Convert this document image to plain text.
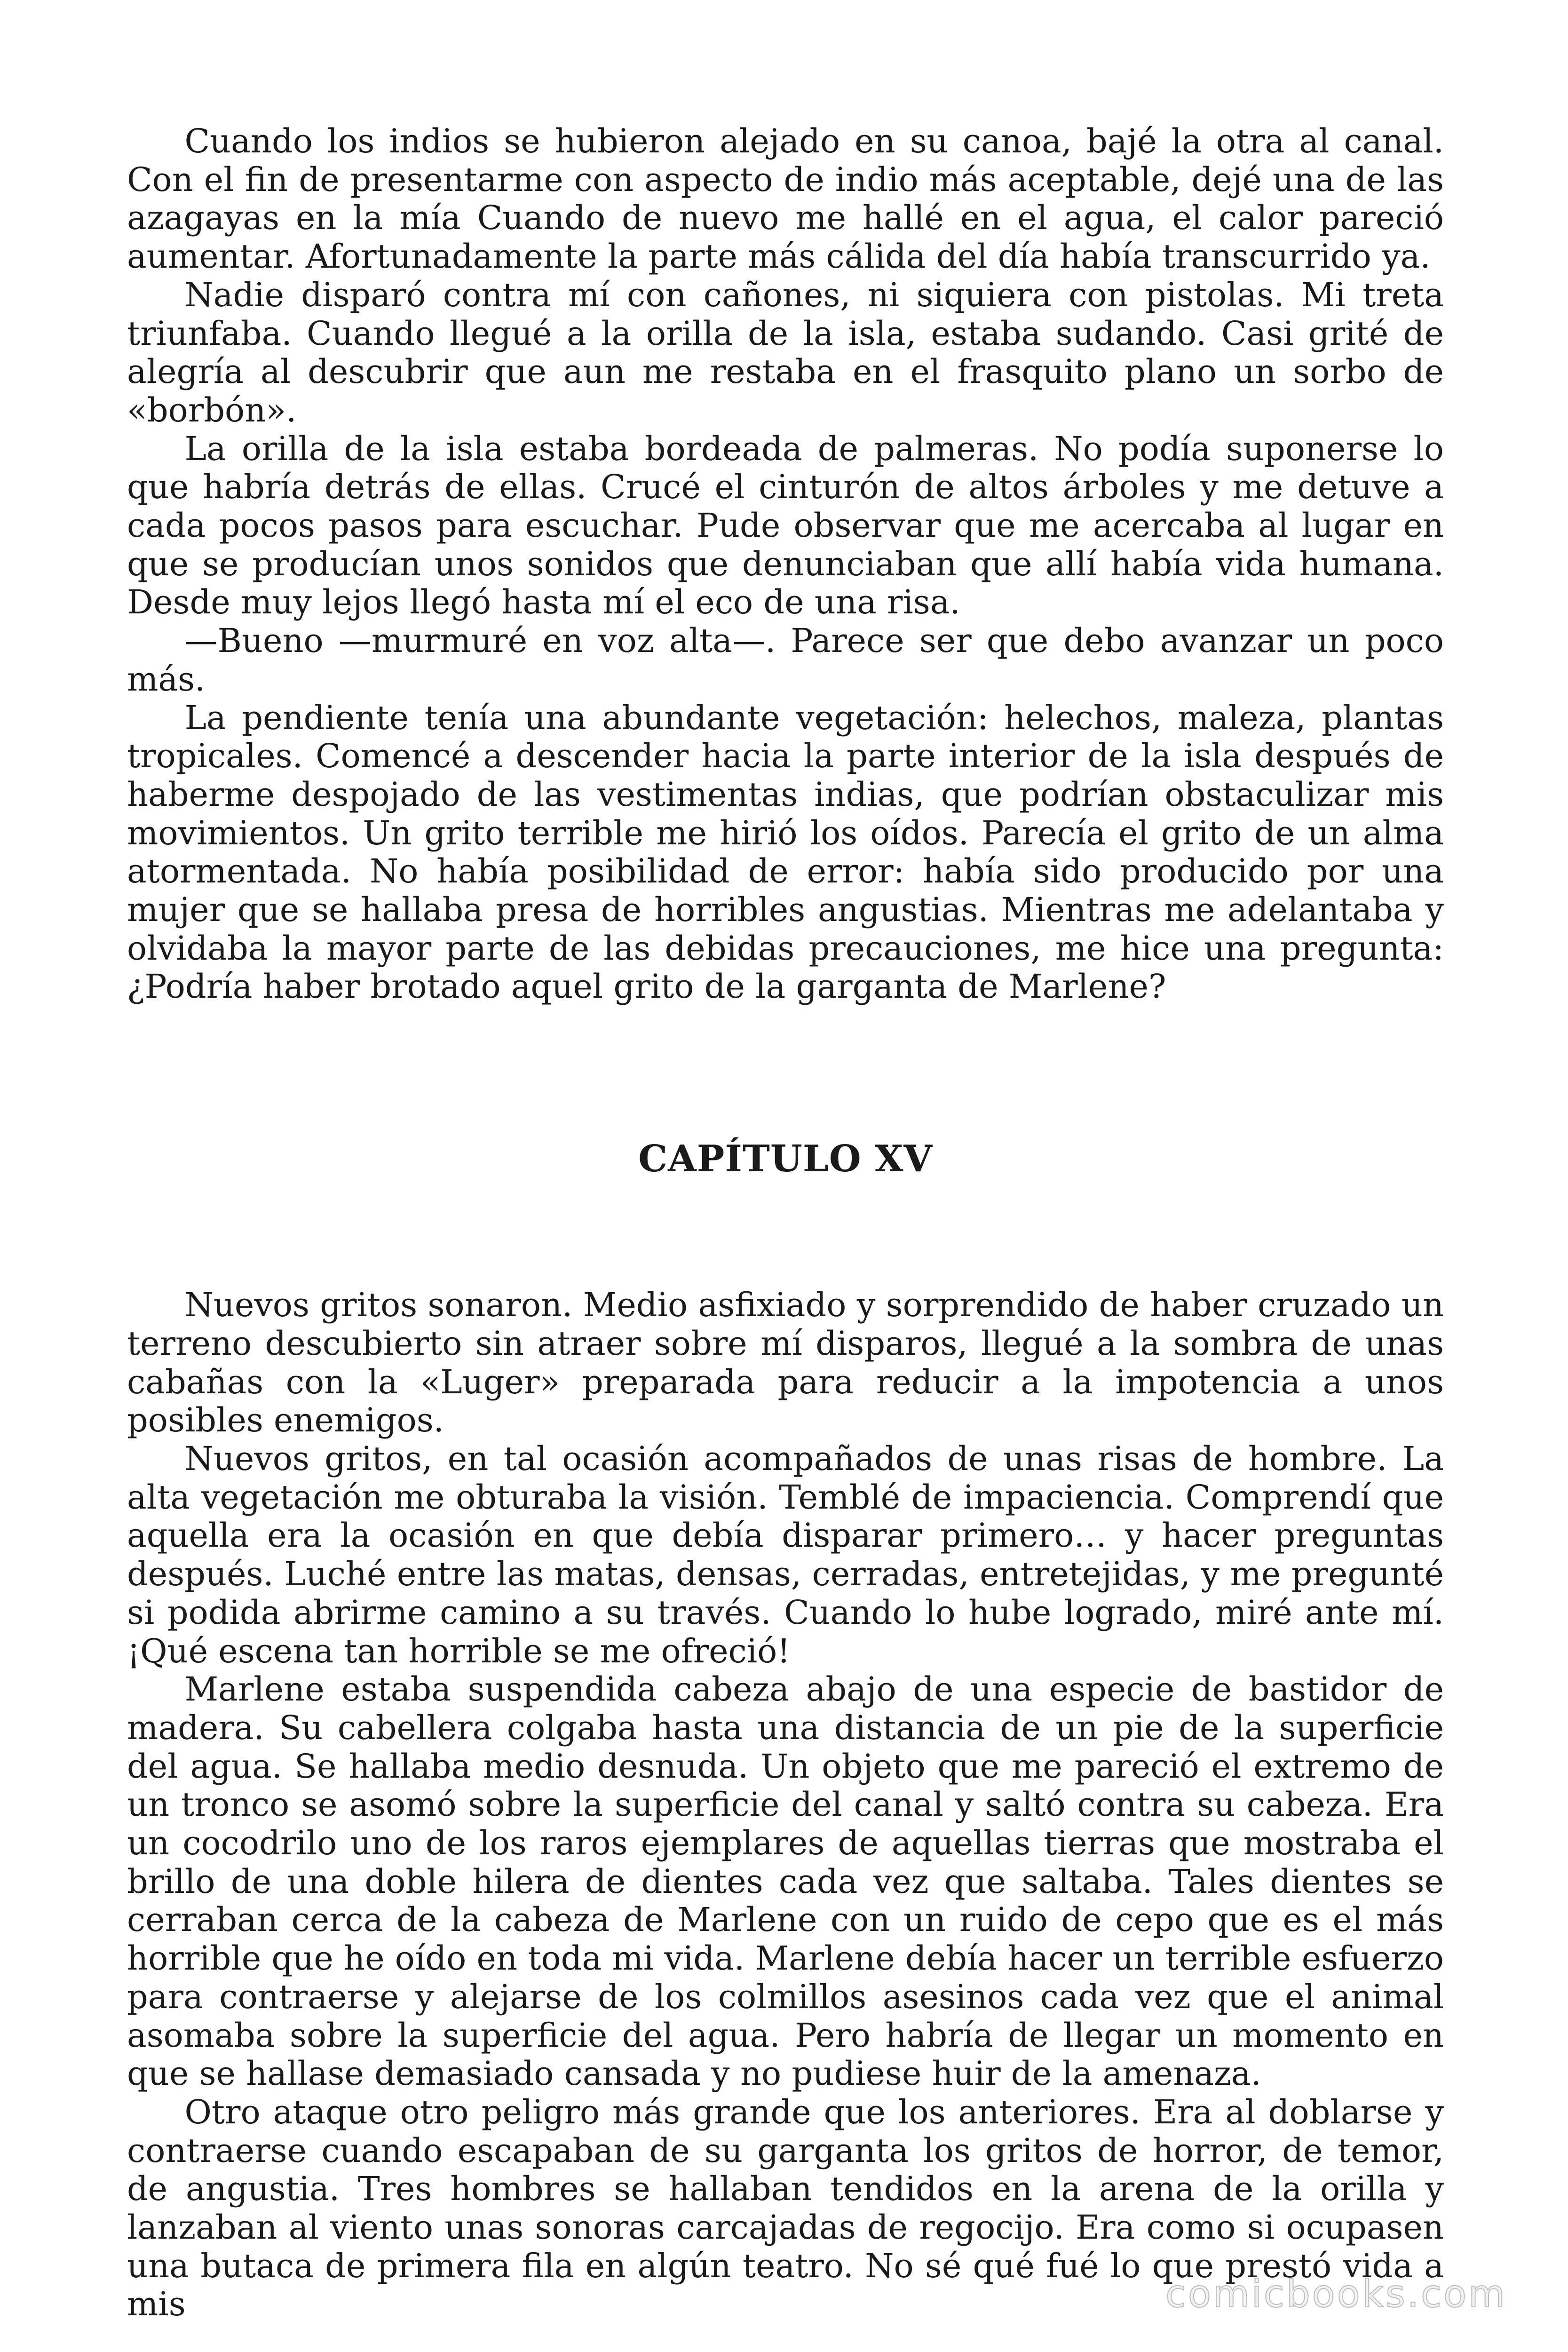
Cuando los indios se hubieron alejado en su canoa, bajé la otra al canal. Con el fin de presentarme con aspecto de indio más aceptable, dejé una de las azagayas en la mía Cuando de nuevo me hallé en el agua, el calor pareció aumentar. Afortunadamente la parte más cálida del día había transcurrido ya.

Nadie disparó contra mí con cañones, ni siquiera con pistolas. Mi treta triunfaba. Cuando llegué a la orilla de la isla, estaba sudando. Casi grité de alegría al descubrir que aun me restaba en el frasquito plano un sorbo de «borbón».

La orilla de la isla estaba bordeada de palmeras. No podía suponerse lo que habría detrás de ellas. Crucé el cinturón de altos árboles y me detuve a cada pocos pasos para escuchar. Pude observar que me acercaba al lugar en que se producían unos sonidos que denunciaban que allí había vida humana. Desde muy lejos llegó hasta mí el eco de una risa.

—Bueno —murmuré en voz alta—. Parece ser que debo avanzar un poco más.

La pendiente tenía una abundante vegetación: helechos, maleza, plantas tropicales. Comencé a descender hacia la parte interior de la isla después de haberme despojado de las vestimentas indias, que podrían obstaculizar mis movimientos. Un grito terrible me hirió los oídos. Parecía el grito de un alma atormentada. No había posibilidad de error: había sido producido por una mujer que se hallaba presa de horribles angustias. Mientras me adelantaba y olvidaba la mayor parte de las debidas precauciones, me hice una pregunta: ¿Podría haber brotado aquel grito de la garganta de Marlene?

CAPÍTULO XV

Nuevos gritos sonaron. Medio asfixiado y sorprendido de haber cruzado un terreno descubierto sin atraer sobre mí disparos, llegué a la sombra de unas cabañas con la «Luger» preparada para reducir a la impotencia a unos posibles enemigos.

Nuevos gritos, en tal ocasión acompañados de unas risas de hombre. La alta vegetación me obturaba la visión. Temblé de impaciencia. Comprendí que aquella era la ocasión en que debía disparar primero… y hacer preguntas después. Luché entre las matas, densas, cerradas, entretejidas, y me pregunté si podida abrirme camino a su través. Cuando lo hube logrado, miré ante mí. ¡Qué escena tan horrible se me ofreció!

Marlene estaba suspendida cabeza abajo de una especie de bastidor de madera. Su cabellera colgaba hasta una distancia de un pie de la superficie del agua. Se hallaba medio desnuda. Un objeto que me pareció el extremo de un tronco se asomó sobre la superficie del canal y saltó contra su cabeza. Era un cocodrilo uno de los raros ejemplares de aquellas tierras que mostraba el brillo de una doble hilera de dientes cada vez que saltaba. Tales dientes se cerraban cerca de la cabeza de Marlene con un ruido de cepo que es el más horrible que he oído en toda mi vida. Marlene debía hacer un terrible esfuerzo para contraerse y alejarse de los colmillos asesinos cada vez que el animal asomaba sobre la superficie del agua. Pero habría de llegar un momento en que se hallase demasiado cansada y no pudiese huir de la amenaza.

Otro ataque otro peligro más grande que los anteriores. Era al doblarse y contraerse cuando escapaban de su garganta los gritos de horror, de temor, de angustia. Tres hombres se hallaban tendidos en la arena de la orilla y lanzaban al viento unas sonoras carcajadas de regocijo. Era como si ocupasen una butaca de primera fila en algún teatro. No sé qué fué lo que prestó vida a mis	comicbooks.com
